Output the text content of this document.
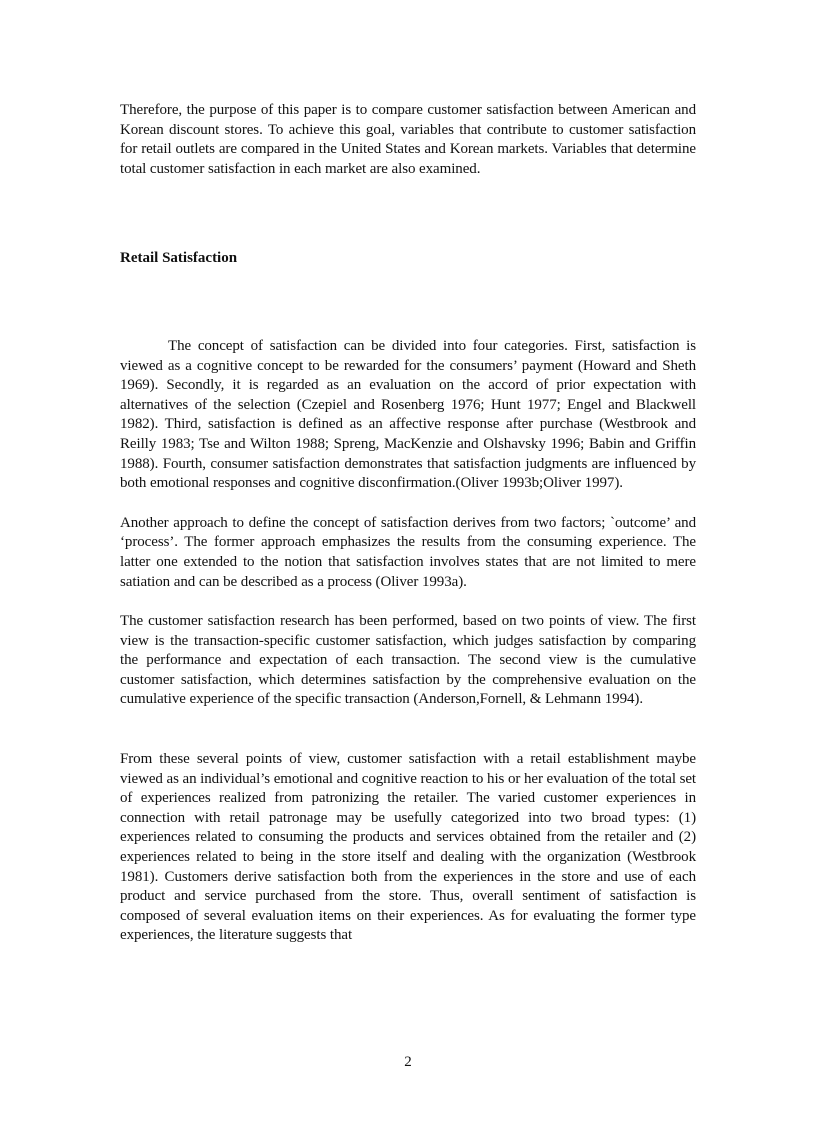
Therefore, the purpose of this paper is to compare customer satisfaction between American and Korean discount stores. To achieve this goal, variables that contribute to customer satisfaction for retail outlets are compared in the United States and Korean markets. Variables that determine total customer satisfaction in each market are also examined.

Retail Satisfaction

The concept of satisfaction can be divided into four categories. First, satisfaction is viewed as a cognitive concept to be rewarded for the consumers’ payment (Howard and Sheth 1969). Secondly, it is regarded as an evaluation on the accord of prior expectation with alternatives of the selection (Czepiel and Rosenberg 1976; Hunt 1977; Engel and Blackwell 1982). Third, satisfaction is defined as an affective response after purchase (Westbrook and Reilly 1983; Tse and Wilton 1988; Spreng, MacKenzie and Olshavsky 1996; Babin and Griffin 1988). Fourth, consumer satisfaction demonstrates that satisfaction judgments are influenced by both emotional responses and cognitive disconfirmation.(Oliver 1993b;Oliver 1997).

Another approach to define the concept of satisfaction derives from two factors; `outcome’ and ‘process’. The former approach emphasizes the results from the consuming experience. The latter one extended to the notion that satisfaction involves states that are not limited to mere satiation and can be described as a process (Oliver 1993a).

The customer satisfaction research has been performed, based on two points of view. The first view is the transaction-specific customer satisfaction, which judges satisfaction by comparing the performance and expectation of each transaction. The second view is the cumulative customer satisfaction, which determines satisfaction by the comprehensive evaluation on the cumulative experience of the specific transaction (Anderson,Fornell, & Lehmann 1994).

From these several points of view, customer satisfaction with a retail establishment maybe viewed as an individual’s emotional and cognitive reaction to his or her evaluation of the total set of experiences realized from patronizing the retailer. The varied customer experiences in connection with retail patronage may be usefully categorized into two broad types: (1) experiences related to consuming the products and services obtained from the retailer and (2) experiences related to being in the store itself and dealing with the organization (Westbrook 1981). Customers derive satisfaction both from the experiences in the store and use of each product and service purchased from the store. Thus, overall sentiment of satisfaction is composed of several evaluation items on their experiences. As for evaluating the former type experiences, the literature suggests that

2
